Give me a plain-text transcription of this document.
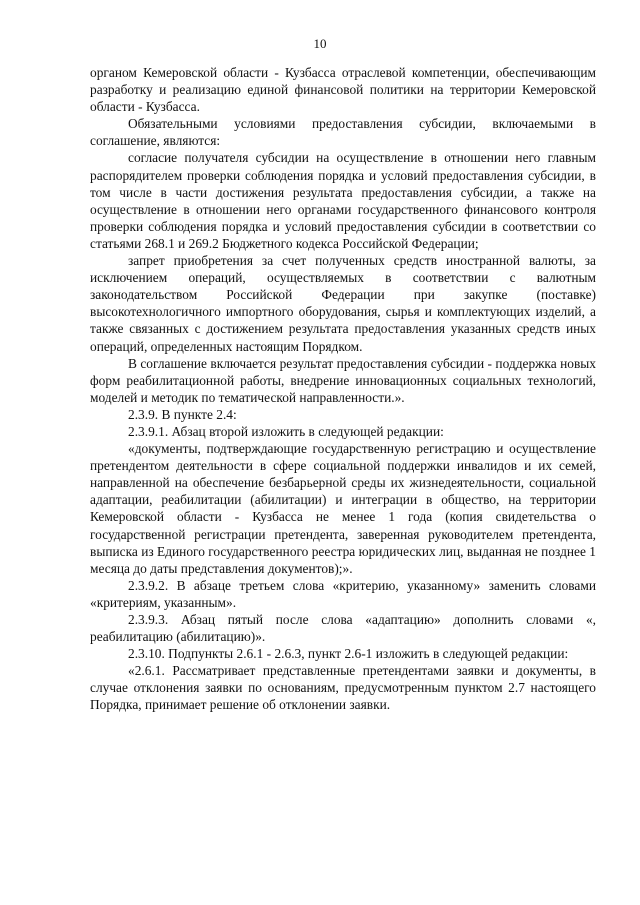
10

органом Кемеровской области - Кузбасса отраслевой компетенции, обеспечивающим разработку и реализацию единой финансовой политики на территории Кемеровской области - Кузбасса.

Обязательными условиями предоставления субсидии, включаемыми в соглашение, являются:

согласие получателя субсидии на осуществление в отношении него главным распорядителем проверки соблюдения порядка и условий предоставления субсидии, в том числе в части достижения результата предоставления субсидии, а также на осуществление в отношении него органами государственного финансового контроля проверки соблюдения порядка и условий предоставления субсидии в соответствии со статьями 268.1 и 269.2 Бюджетного кодекса Российской Федерации;

запрет приобретения за счет полученных средств иностранной валюты, за исключением операций, осуществляемых в соответствии с валютным законодательством Российской Федерации при закупке (поставке) высокотехнологичного импортного оборудования, сырья и комплектующих изделий, а также связанных с достижением результата предоставления указанных средств иных операций, определенных настоящим Порядком.

В соглашение включается результат предоставления субсидии - поддержка новых форм реабилитационной работы, внедрение инновационных социальных технологий, моделей и методик по тематической направленности.».

2.3.9. В пункте 2.4:

2.3.9.1. Абзац второй изложить в следующей редакции:

«документы, подтверждающие государственную регистрацию и осуществление претендентом деятельности в сфере социальной поддержки инвалидов и их семей, направленной на обеспечение безбарьерной среды их жизнедеятельности, социальной адаптации, реабилитации (абилитации) и интеграции в общество, на территории Кемеровской области - Кузбасса не менее 1 года (копия свидетельства о государственной регистрации претендента, заверенная руководителем претендента, выписка из Единого государственного реестра юридических лиц, выданная не позднее 1 месяца до даты представления документов);».

2.3.9.2. В абзаце третьем слова «критерию, указанному» заменить словами «критериям, указанным».

2.3.9.3. Абзац пятый после слова «адаптацию» дополнить словами «, реабилитацию (абилитацию)».

2.3.10. Подпункты 2.6.1 - 2.6.3, пункт 2.6-1 изложить в следующей редакции:

«2.6.1. Рассматривает представленные претендентами заявки и документы, в случае отклонения заявки по основаниям, предусмотренным пунктом 2.7 настоящего Порядка, принимает решение об отклонении заявки.
